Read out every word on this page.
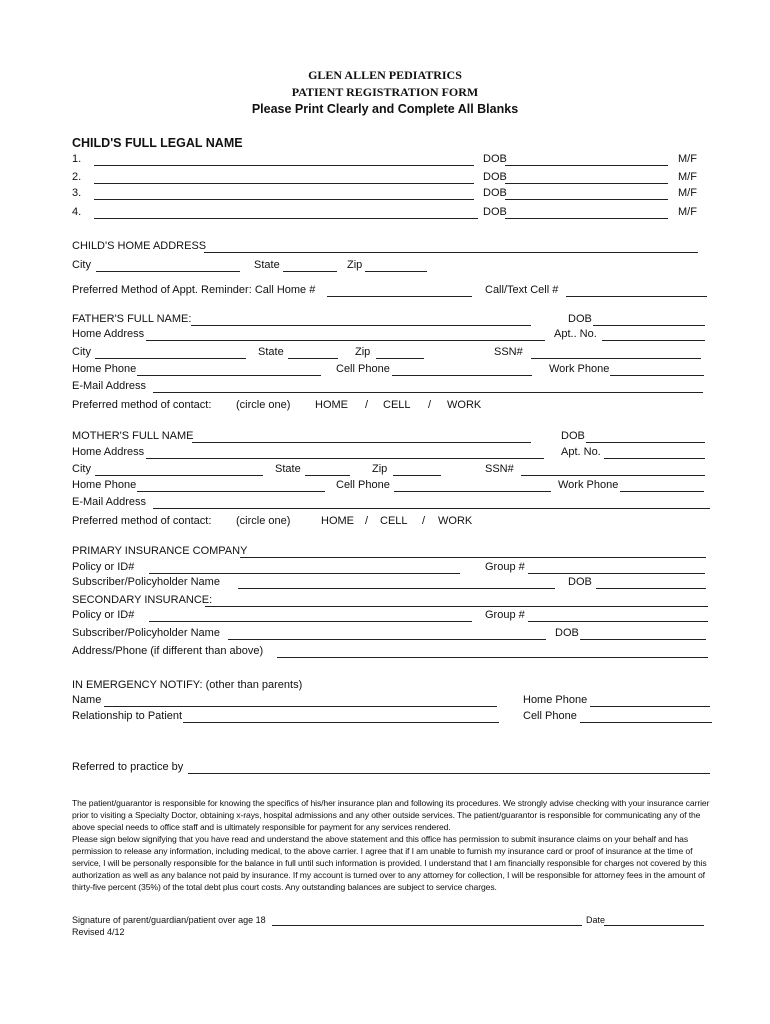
GLEN ALLEN PEDIATRICS
PATIENT REGISTRATION FORM
Please Print Clearly and Complete All Blanks
CHILD'S FULL LEGAL NAME
1.	DOB	M/F
2.	DOB	M/F
3.	DOB	M/F
4.	DOB	M/F
CHILD'S HOME ADDRESS
City	State	Zip
Preferred Method of Appt. Reminder: Call Home #	Call/Text Cell #
FATHER'S FULL NAME:	DOB
Home Address	Apt.. No.
City	State	Zip	SSN#
Home Phone	Cell Phone	Work Phone
E-Mail Address
Preferred method of contact: (circle one) HOME / CELL / WORK
MOTHER'S FULL NAME	DOB
Home Address	Apt. No.
City	State	Zip	SSN#
Home Phone	Cell Phone	Work Phone
E-Mail Address
Preferred method of contact: (circle one)	HOME / CELL / WORK
PRIMARY INSURANCE COMPANY
Policy or ID#	Group #
Subscriber/Policyholder Name	DOB
SECONDARY INSURANCE:
Policy or ID#	Group #
Subscriber/Policyholder Name	DOB
Address/Phone (if different than above)
IN EMERGENCY NOTIFY: (other than parents)
Name	Home Phone
Relationship to Patient	Cell Phone
Referred to practice by

The patient/guarantor is responsible for knowing the specifics of his/her insurance plan and following its procedures. We strongly advise checking with your insurance carrier prior to visiting a Specialty Doctor, obtaining x-rays, hospital admissions and any other outside services. The patient/guarantor is responsible for communicating any of the above special needs to office staff and is ultimately responsible for payment for any services rendered.

Please sign below signifying that you have read and understand the above statement and this office has permission to submit insurance claims on your behalf and has permission to release any information, including medical, to the above carrier. I agree that if I am unable to furnish my insurance card or proof of insurance at the time of service, I will be personally responsible for the balance in full until such information is provided. I understand that I am financially responsible for charges not covered by this authorization as well as any balance not paid by insurance. If my account is turned over to any attorney for collection, I will be responsible for attorney fees in the amount of thirty-five percent (35%) of the total debt plus court costs. Any outstanding balances are subject to service charges.

Signature of parent/guardian/patient over age 18	Date
Revised 4/12
